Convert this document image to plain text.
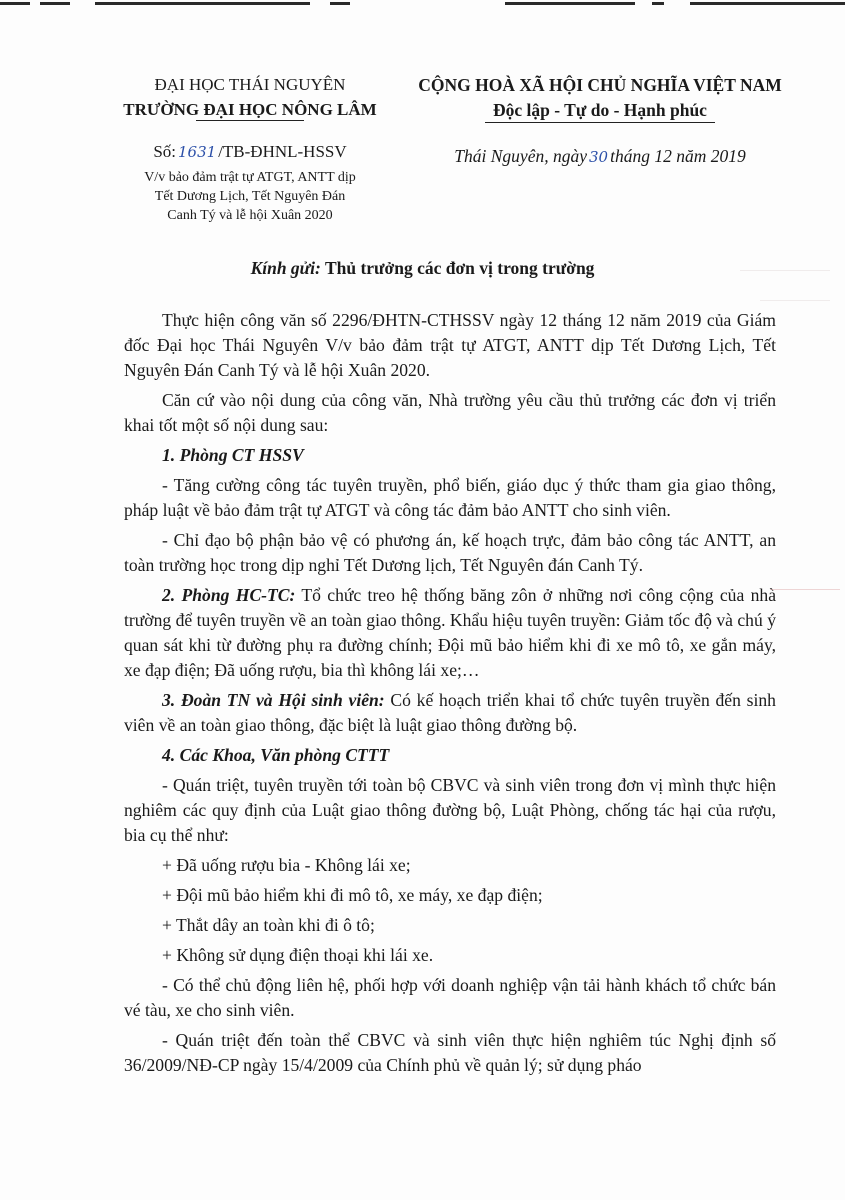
ĐẠI HỌC THÁI NGUYÊN
TRƯỜNG ĐẠI HỌC NÔNG LÂM
CỘNG HOÀ XÃ HỘI CHỦ NGHĨA VIỆT NAM
Độc lập - Tự do - Hạnh phúc
Số: 1631 /TB-ĐHNL-HSSV
V/v bảo đảm trật tự ATGT, ANTT dịp
Tết Dương Lịch, Tết Nguyên Đán
Canh Tý và lễ hội Xuân 2020
Thái Nguyên, ngày 30 tháng 12 năm 2019
Kính gửi: Thủ trưởng các đơn vị trong trường

Thực hiện công văn số 2296/ĐHTN-CTHSSV ngày 12 tháng 12 năm 2019 của Giám đốc Đại học Thái Nguyên V/v bảo đảm trật tự ATGT, ANTT dịp Tết Dương Lịch, Tết Nguyên Đán Canh Tý và lễ hội Xuân 2020.

Căn cứ vào nội dung của công văn, Nhà trường yêu cầu thủ trưởng các đơn vị triển khai tốt một số nội dung sau:

1. Phòng CT HSSV

- Tăng cường công tác tuyên truyền, phổ biến, giáo dục ý thức tham gia giao thông, pháp luật về bảo đảm trật tự ATGT và công tác đảm bảo ANTT cho sinh viên.

- Chỉ đạo bộ phận bảo vệ có phương án, kế hoạch trực, đảm bảo công tác ANTT, an toàn trường học trong dịp nghỉ Tết Dương lịch, Tết Nguyên đán Canh Tý.

2. Phòng HC-TC: Tổ chức treo hệ thống băng zôn ở những nơi công cộng của nhà trường để tuyên truyền về an toàn giao thông. Khẩu hiệu tuyên truyền: Giảm tốc độ và chú ý quan sát khi từ đường phụ ra đường chính; Đội mũ bảo hiểm khi đi xe mô tô, xe gắn máy, xe đạp điện; Đã uống rượu, bia thì không lái xe;…

3. Đoàn TN và Hội sinh viên: Có kế hoạch triển khai tổ chức tuyên truyền đến sinh viên về an toàn giao thông, đặc biệt là luật giao thông đường bộ.

4. Các Khoa, Văn phòng CTTT

- Quán triệt, tuyên truyền tới toàn bộ CBVC và sinh viên trong đơn vị mình thực hiện nghiêm các quy định của Luật giao thông đường bộ, Luật Phòng, chống tác hại của rượu, bia cụ thể như:

+ Đã uống rượu bia - Không lái xe;

+ Đội mũ bảo hiểm khi đi mô tô, xe máy, xe đạp điện;

+ Thắt dây an toàn khi đi ô tô;

+ Không sử dụng điện thoại khi lái xe.

- Có thể chủ động liên hệ, phối hợp với doanh nghiệp vận tải hành khách tổ chức bán vé tàu, xe cho sinh viên.

- Quán triệt đến toàn thể CBVC và sinh viên thực hiện nghiêm túc Nghị định số 36/2009/NĐ-CP ngày 15/4/2009 của Chính phủ về quản lý; sử dụng pháo
